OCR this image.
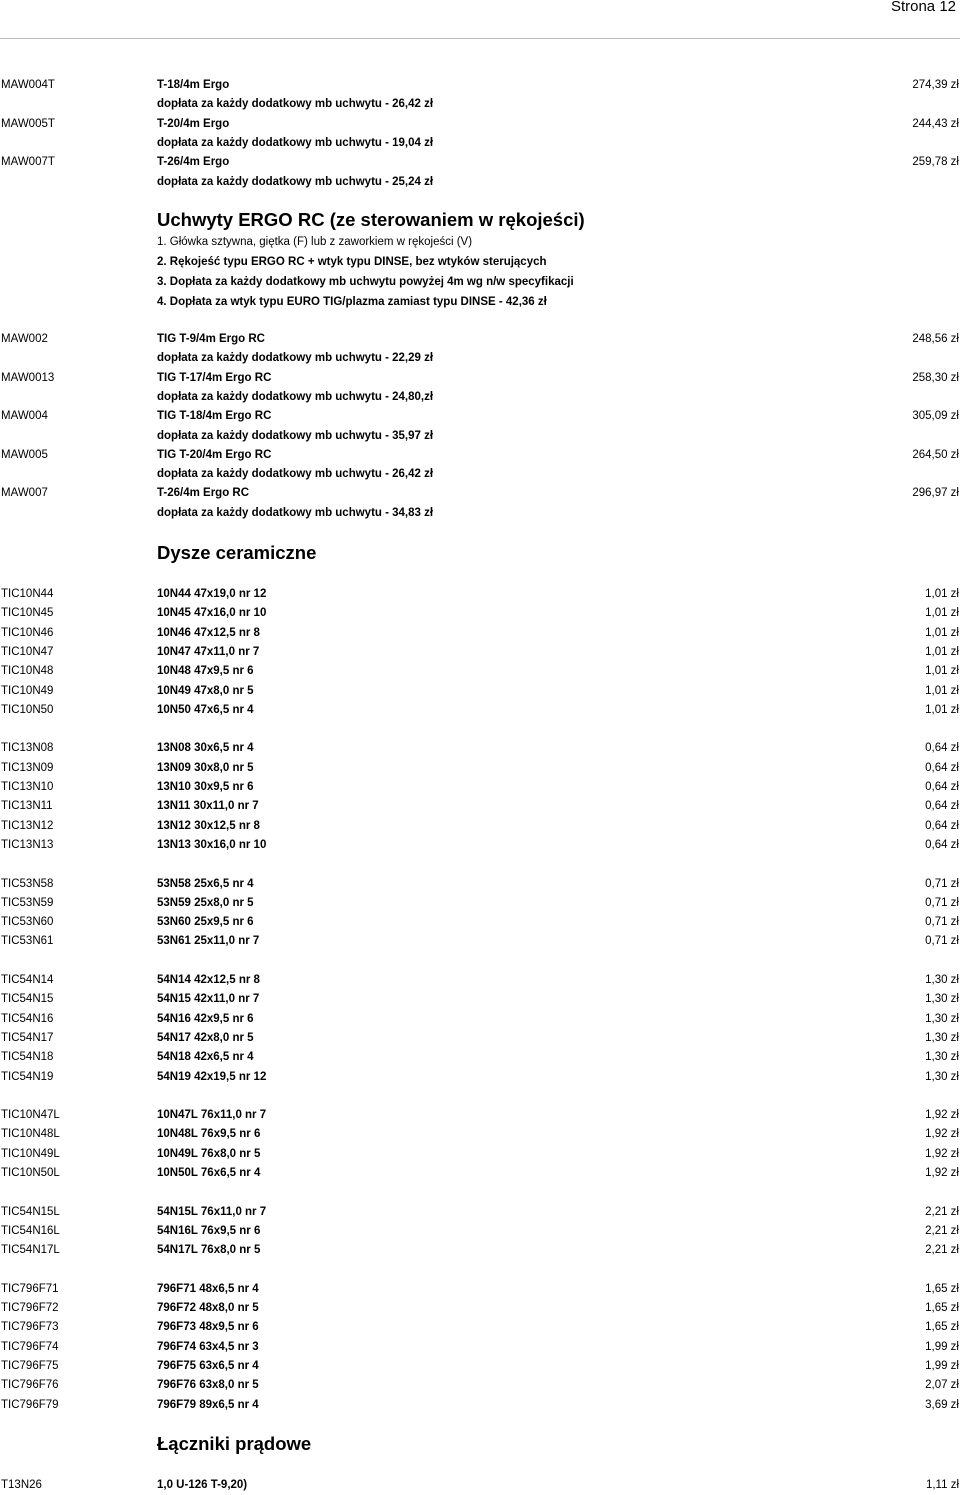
Strona 12
MAW004T	T-18/4m Ergo	274,39 zł
dopłata za każdy dodatkowy mb uchwytu - 26,42 zł
MAW005T	T-20/4m Ergo	244,43 zł
dopłata za każdy dodatkowy mb uchwytu - 19,04 zł
MAW007T	T-26/4m Ergo	259,78 zł
dopłata za każdy dodatkowy mb uchwytu - 25,24 zł
Uchwyty ERGO RC (ze sterowaniem w rękojeści)
1. Główka sztywna, giętka (F) lub z zaworkiem w rękojeści (V)
2. Rękojeść typu ERGO RC + wtyk typu DINSE, bez wtyków sterujących
3. Dopłata za każdy dodatkowy mb uchwytu powyżej 4m wg n/w specyfikacji
4. Dopłata za wtyk typu EURO TIG/plazma zamiast typu DINSE - 42,36 zł
MAW002	TIG T-9/4m Ergo RC	248,56 zł
dopłata za każdy dodatkowy mb uchwytu - 22,29 zł
MAW0013	TIG T-17/4m Ergo RC	258,30 zł
dopłata za każdy dodatkowy mb uchwytu - 24,80,zł
MAW004	TIG T-18/4m Ergo RC	305,09 zł
dopłata za każdy dodatkowy mb uchwytu - 35,97 zł
MAW005	TIG T-20/4m Ergo RC	264,50 zł
dopłata za każdy dodatkowy mb uchwytu - 26,42 zł
MAW007	T-26/4m Ergo RC	296,97 zł
dopłata za każdy dodatkowy mb uchwytu - 34,83 zł
Dysze ceramiczne
TIC10N44	10N44 47x19,0 nr 12	1,01 zł
TIC10N45	10N45 47x16,0 nr 10	1,01 zł
TIC10N46	10N46 47x12,5 nr 8	1,01 zł
TIC10N47	10N47 47x11,0 nr 7	1,01 zł
TIC10N48	10N48 47x9,5 nr 6	1,01 zł
TIC10N49	10N49 47x8,0 nr 5	1,01 zł
TIC10N50	10N50 47x6,5 nr 4	1,01 zł
TIC13N08	13N08 30x6,5 nr 4	0,64 zł
TIC13N09	13N09 30x8,0 nr 5	0,64 zł
TIC13N10	13N10 30x9,5 nr 6	0,64 zł
TIC13N11	13N11 30x11,0 nr 7	0,64 zł
TIC13N12	13N12 30x12,5 nr 8	0,64 zł
TIC13N13	13N13 30x16,0 nr 10	0,64 zł
TIC53N58	53N58 25x6,5 nr 4	0,71 zł
TIC53N59	53N59 25x8,0 nr 5	0,71 zł
TIC53N60	53N60 25x9,5 nr 6	0,71 zł
TIC53N61	53N61 25x11,0 nr 7	0,71 zł
TIC54N14	54N14 42x12,5 nr 8	1,30 zł
TIC54N15	54N15 42x11,0 nr 7	1,30 zł
TIC54N16	54N16 42x9,5 nr 6	1,30 zł
TIC54N17	54N17 42x8,0 nr 5	1,30 zł
TIC54N18	54N18 42x6,5 nr 4	1,30 zł
TIC54N19	54N19 42x19,5 nr 12	1,30 zł
TIC10N47L	10N47L 76x11,0 nr 7	1,92 zł
TIC10N48L	10N48L 76x9,5 nr 6	1,92 zł
TIC10N49L	10N49L 76x8,0 nr 5	1,92 zł
TIC10N50L	10N50L 76x6,5 nr 4	1,92 zł
TIC54N15L	54N15L 76x11,0 nr 7	2,21 zł
TIC54N16L	54N16L 76x9,5 nr 6	2,21 zł
TIC54N17L	54N17L 76x8,0 nr 5	2,21 zł
TIC796F71	796F71 48x6,5 nr 4	1,65 zł
TIC796F72	796F72 48x8,0 nr 5	1,65 zł
TIC796F73	796F73 48x9,5 nr 6	1,65 zł
TIC796F74	796F74 63x4,5 nr 3	1,99 zł
TIC796F75	796F75 63x6,5 nr 4	1,99 zł
TIC796F76	796F76 63x8,0 nr 5	2,07 zł
TIC796F79	796F79 89x6,5 nr 4	3,69 zł
Łączniki prądowe
T13N26	1,0 U-126 T-9,20)	1,11 zł
